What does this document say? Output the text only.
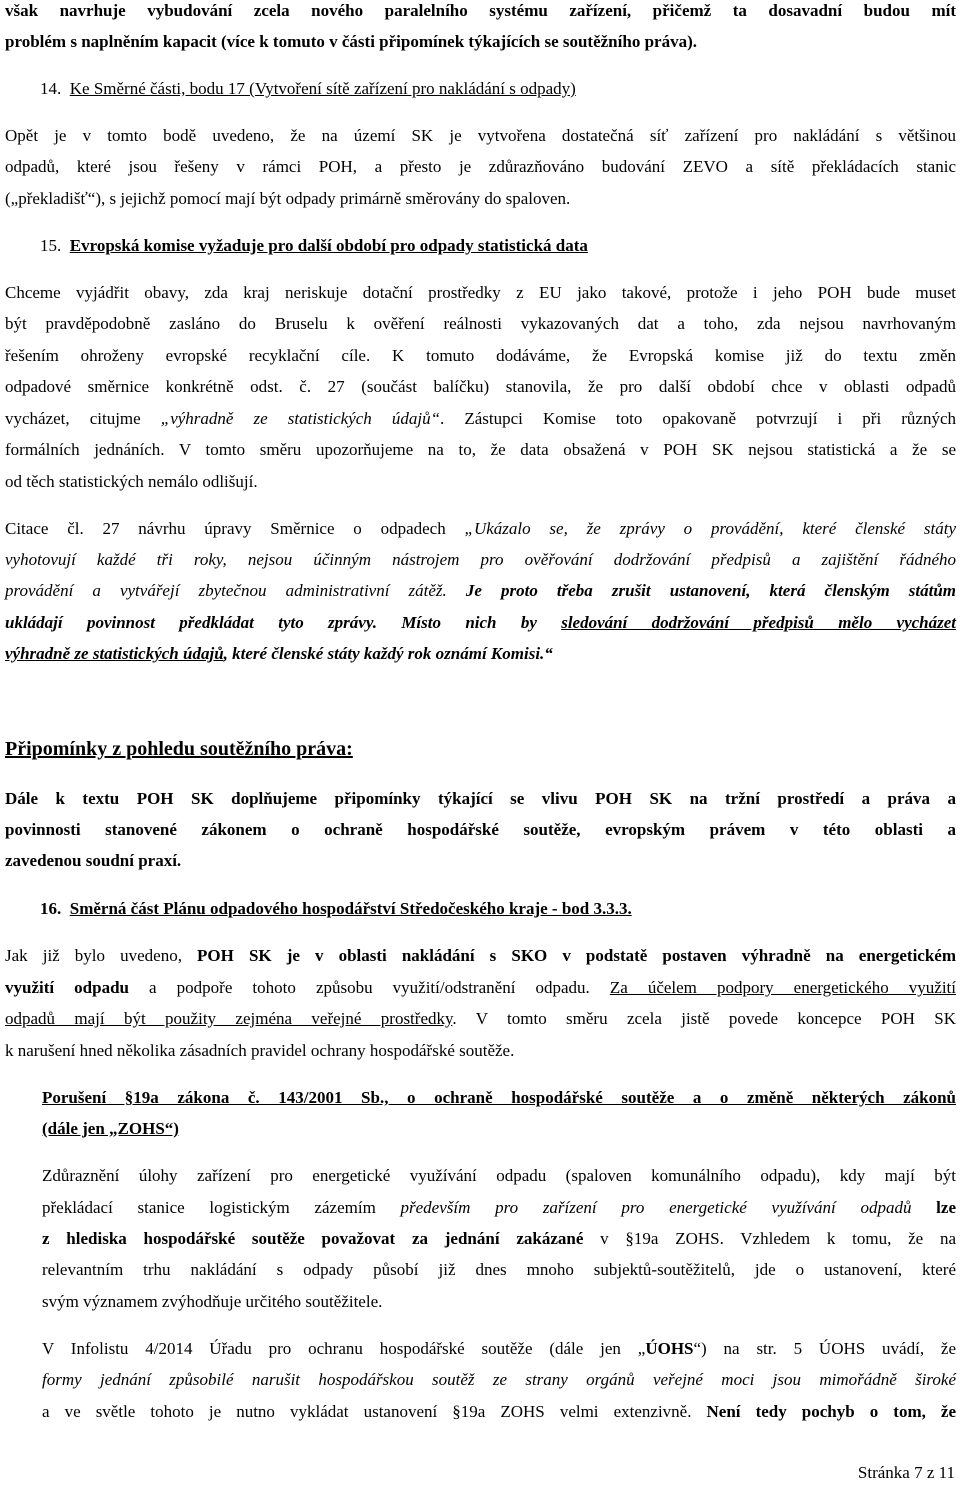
však navrhuje vybudování zcela nového paralelního systému zařízení, přičemž ta dosavadní budou mít
problém s naplněním kapacit (více k tomuto v části připomínek týkajících se soutěžního práva).
14. Ke Směrné části, bodu 17 (Vytvoření sítě zařízení pro nakládání s odpady)
Opět je v tomto bodě uvedeno, že na území SK je vytvořena dostatečná síť zařízení pro nakládání s většinou
odpadů, které jsou řešeny v rámci POH, a přesto je zdůrazňováno budování ZEVO a sítě překládacích stanic
(„překladišť“), s jejichž pomocí mají být odpady primárně směrovány do spaloven.
15. Evropská komise vyžaduje pro další období pro odpady statistická data
Chceme vyjádřit obavy, zda kraj neriskuje dotační prostředky z EU jako takové, protože i jeho POH bude muset
být pravděpodobně zasláno do Bruselu k ověření reálnosti vykazovaných dat a toho, zda nejsou navrhovaným
řešením ohroženy evropské recyklační cíle. K tomuto dodáváme, že Evropská komise již do textu změn
odpadové směrnice konkrétně odst. č. 27 (součást balíčku) stanovila, že pro další období chce v oblasti odpadů
vycházet, citujme „výhradně ze statistických údajů“. Zástupci Komise toto opakovaně potvrzují i při různých
formálních jednáních. V tomto směru upozorňujeme na to, že data obsažená v POH SK nejsou statistická a že se
od těch statistických nemálo odlišují.
Citace čl. 27 návrhu úpravy Směrnice o odpadech „Ukázalo se, že zprávy o provádění, které členské státy
vyhotovují každé tři roky, nejsou účinným nástrojem pro ověřování dodržování předpisů a zajištění řádného
provádění a vytvářejí zbytečnou administrativní zátěž. Je proto třeba zrušit ustanovení, která členským státům
ukládají povinnost předkládat tyto zprávy. Místo nich by sledování dodržování předpisů mělo vycházet
výhradně ze statistických údajů, které členské státy každý rok oznámí Komisi.“
Připomínky z pohledu soutěžního práva:
Dále k textu POH SK doplňujeme připomínky týkající se vlivu POH SK na tržní prostředí a práva a
povinnosti stanovené zákonem o ochraně hospodářské soutěže, evropským právem v této oblasti a
zavedenou soudní praxí.
16. Směrná část Plánu odpadového hospodářství Středočeského kraje - bod 3.3.3.
Jak již bylo uvedeno, POH SK je v oblasti nakládání s SKO v podstatě postaven výhradně na energetickém
využití odpadu a podpoře tohoto způsobu využití/odstranění odpadu. Za účelem podpory energetického využití
odpadů mají být použity zejména veřejné prostředky. V tomto směru zcela jistě povede koncepce POH SK
k narušení hned několika zásadních pravidel ochrany hospodářské soutěže.
Porušení §19a zákona č. 143/2001 Sb., o ochraně hospodářské soutěže a o změně některých zákonů
(dále jen „ZOHS“)
Zdůraznění úlohy zařízení pro energetické využívání odpadu (spaloven komunálního odpadu), kdy mají být
překládací stanice logistickým zázemím především pro zařízení pro energetické využívání odpadů lze
z hlediska hospodářské soutěže považovat za jednání zakázané v §19a ZOHS. Vzhledem k tomu, že na
relevantním trhu nakládání s odpady působí již dnes mnoho subjektů-soutěžitelů, jde o ustanovení, které
svým významem zvýhodňuje určitého soutěžitele.
V Infolistu 4/2014 Úřadu pro ochranu hospodářské soutěže (dále jen „ÚOHS“) na str. 5 ÚOHS uvádí, že
formy jednání způsobilé narušit hospodářskou soutěž ze strany orgánů veřejné moci jsou mimořádně široké
a ve světle tohoto je nutno vykládat ustanovení §19a ZOHS velmi extenzivně. Není tedy pochyb o tom, že
Stránka 7 z 11
